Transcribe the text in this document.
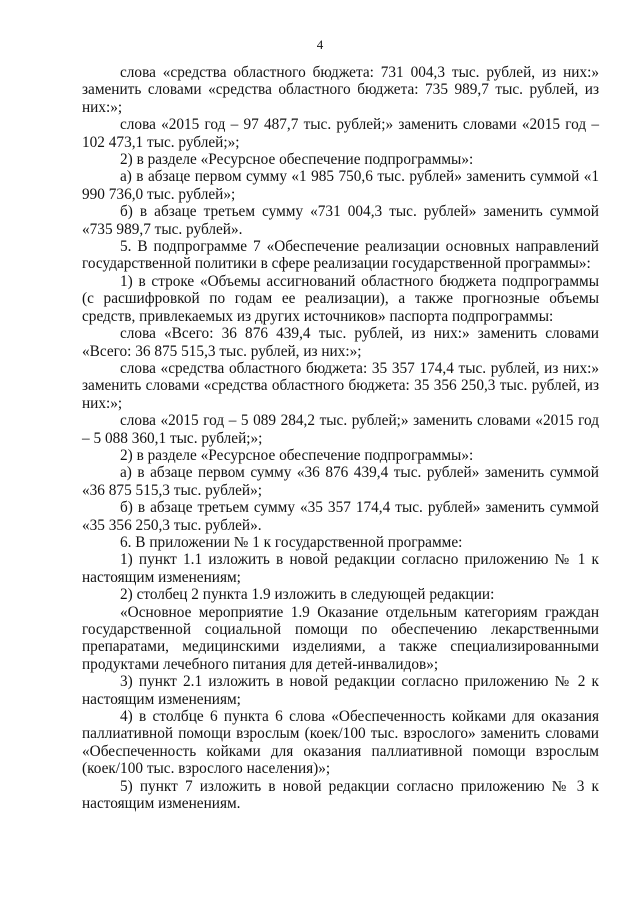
4

слова «средства областного бюджета: 731 004,3 тыс. рублей, из них:» заменить словами «средства областного бюджета: 735 989,7 тыс. рублей, из них:»;

слова «2015 год – 97 487,7 тыс. рублей;» заменить словами «2015 год – 102 473,1 тыс. рублей;»;

2) в разделе «Ресурсное обеспечение подпрограммы»:

а) в абзаце первом сумму «1 985 750,6 тыс. рублей» заменить суммой «1 990 736,0 тыс. рублей»;

б) в абзаце третьем сумму «731 004,3 тыс. рублей» заменить суммой «735 989,7 тыс. рублей».

5. В подпрограмме 7 «Обеспечение реализации основных направлений государственной политики в сфере реализации государственной программы»:

1) в строке «Объемы ассигнований областного бюджета подпрограммы (с расшифровкой по годам ее реализации), а также прогнозные объемы средств, привлекаемых из других источников» паспорта подпрограммы:

слова «Всего: 36 876 439,4 тыс. рублей, из них:» заменить словами «Всего: 36 875 515,3 тыс. рублей, из них:»;

слова «средства областного бюджета: 35 357 174,4 тыс. рублей, из них:» заменить словами «средства областного бюджета: 35 356 250,3 тыс. рублей, из них:»;

слова «2015 год – 5 089 284,2 тыс. рублей;» заменить словами «2015 год – 5 088 360,1 тыс. рублей;»;

2) в разделе «Ресурсное обеспечение подпрограммы»:

а) в абзаце первом сумму «36 876 439,4 тыс. рублей» заменить суммой «36 875 515,3 тыс. рублей»;

б) в абзаце третьем сумму «35 357 174,4 тыс. рублей» заменить суммой «35 356 250,3 тыс. рублей».

6. В приложении № 1 к государственной программе:

1) пункт 1.1 изложить в новой редакции согласно приложению № 1 к настоящим изменениям;

2) столбец 2 пункта 1.9 изложить в следующей редакции:

«Основное мероприятие 1.9 Оказание отдельным категориям граждан государственной социальной помощи по обеспечению лекарственными препаратами, медицинскими изделиями, а также специализированными продуктами лечебного питания для детей-инвалидов»;

3) пункт 2.1 изложить в новой редакции согласно приложению № 2 к настоящим изменениям;

4) в столбце 6 пункта 6 слова «Обеспеченность койками для оказания паллиативной помощи взрослым (коек/100 тыс. взрослого» заменить словами «Обеспеченность койками для оказания паллиативной помощи взрослым (коек/100 тыс. взрослого населения)»;

5) пункт 7 изложить в новой редакции согласно приложению № 3 к настоящим изменениям.
